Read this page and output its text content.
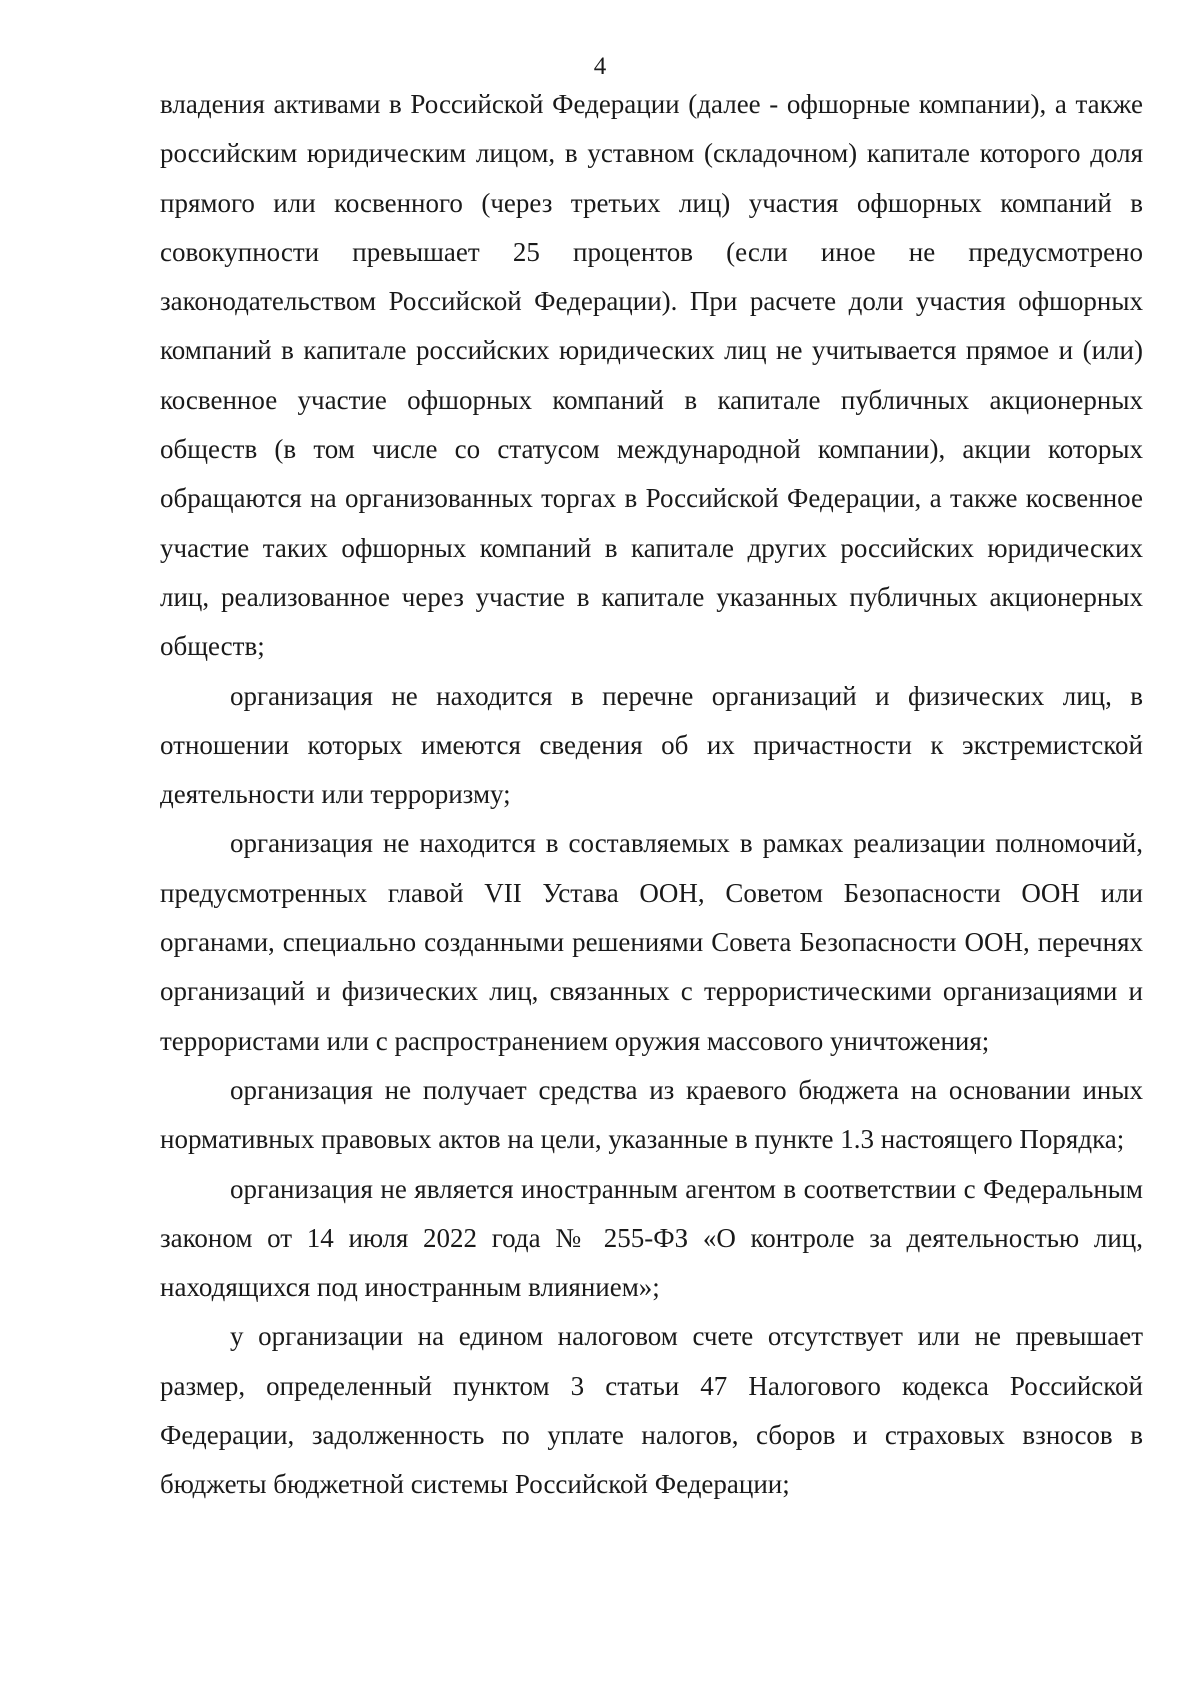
4

владения активами в Российской Федерации (далее - офшорные компании), а также российским юридическим лицом, в уставном (складочном) капитале которого доля прямого или косвенного (через третьих лиц) участия офшорных компаний в совокупности превышает 25 процентов (если иное не предусмотрено законодательством Российской Федерации). При расчете доли участия офшорных компаний в капитале российских юридических лиц не учитывается прямое и (или) косвенное участие офшорных компаний в капитале публичных акционерных обществ (в том числе со статусом международной компании), акции которых обращаются на организованных торгах в Российской Федерации, а также косвенное участие таких офшорных компаний в капитале других российских юридических лиц, реализованное через участие в капитале указанных публичных акционерных обществ;

организация не находится в перечне организаций и физических лиц, в отношении которых имеются сведения об их причастности к экстремистской деятельности или терроризму;

организация не находится в составляемых в рамках реализации полномочий, предусмотренных главой VII Устава ООН, Советом Безопасности ООН или органами, специально созданными решениями Совета Безопасности ООН, перечнях организаций и физических лиц, связанных с террористическими организациями и террористами или с распространением оружия массового уничтожения;

организация не получает средства из краевого бюджета на основании иных нормативных правовых актов на цели, указанные в пункте 1.3 настоящего Порядка;

организация не является иностранным агентом в соответствии с Федеральным законом от 14 июля 2022 года № 255-ФЗ «О контроле за деятельностью лиц, находящихся под иностранным влиянием»;

у организации на едином налоговом счете отсутствует или не превышает размер, определенный пунктом 3 статьи 47 Налогового кодекса Российской Федерации, задолженность по уплате налогов, сборов и страховых взносов в бюджеты бюджетной системы Российской Федерации;
